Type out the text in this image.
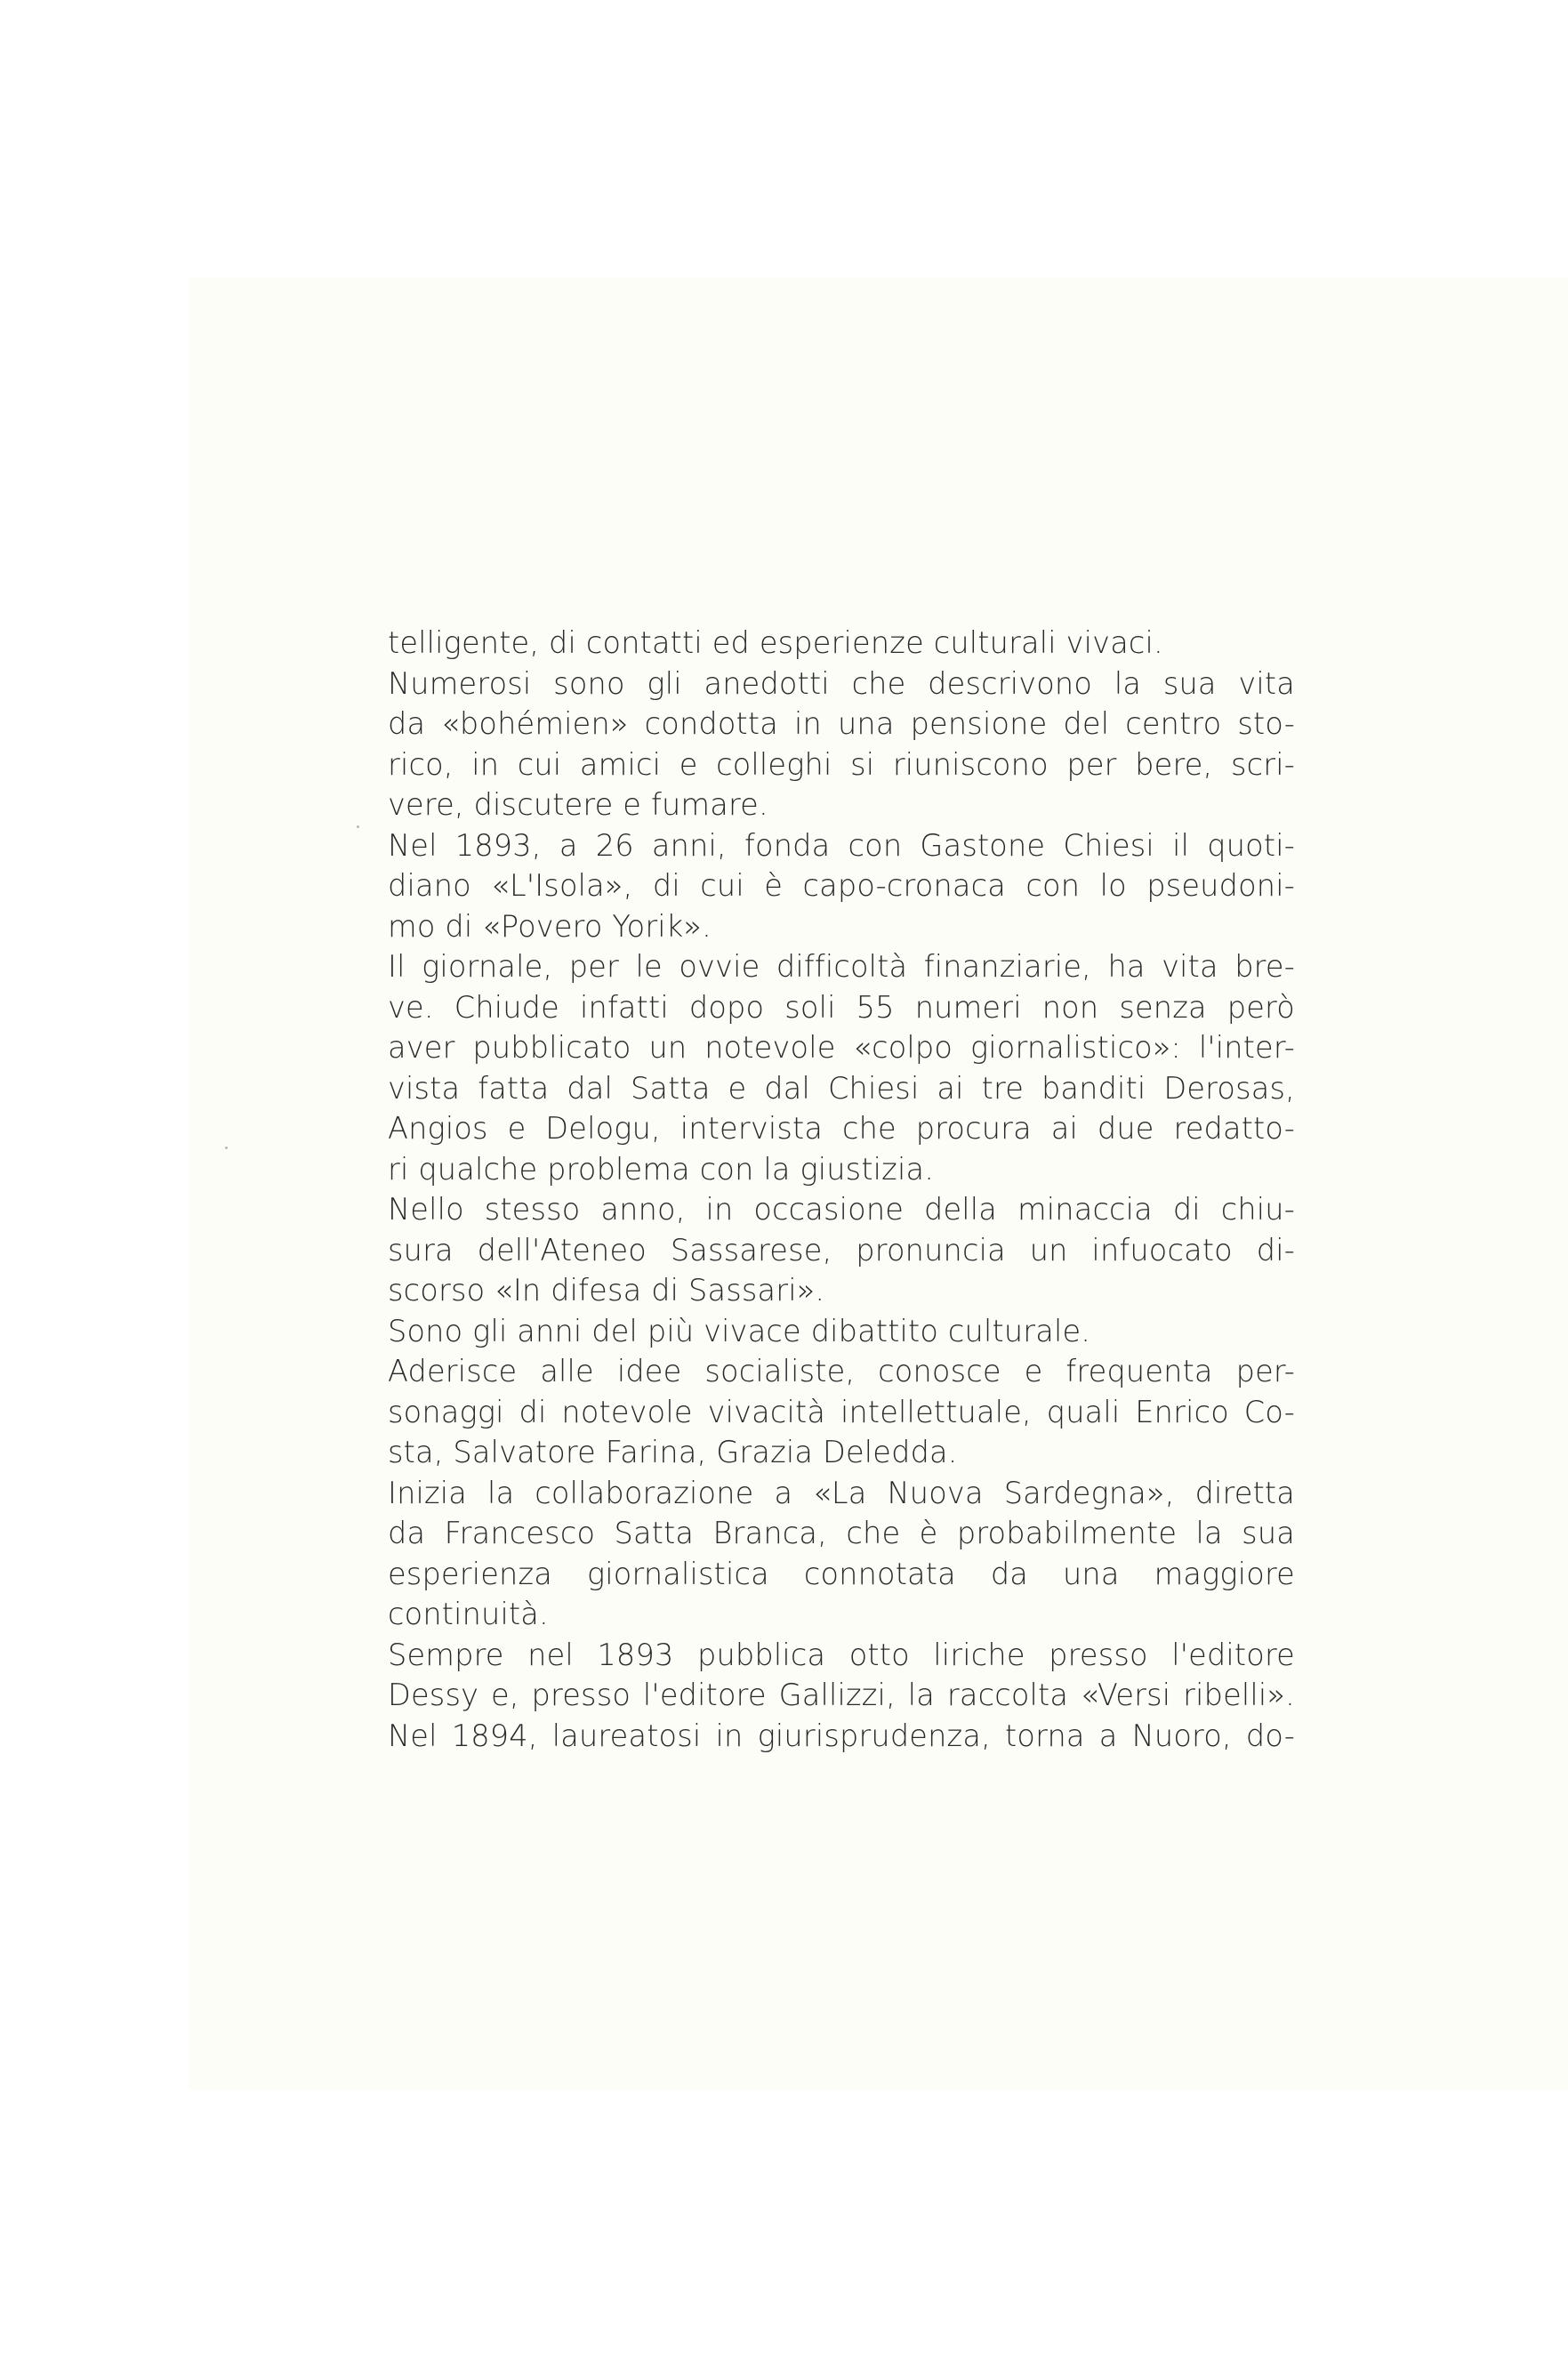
telligente, di contatti ed esperienze culturali vivaci.
Numerosi sono gli anedotti che descrivono la sua vita
da «bohémien» condotta in una pensione del centro sto-
rico, in cui amici e colleghi si riuniscono per bere, scri-
vere, discutere e fumare.
Nel 1893, a 26 anni, fonda con Gastone Chiesi il quoti-
diano «L'Isola», di cui è capo-cronaca con lo pseudoni-
mo di «Povero Yorik».
Il giornale, per le ovvie difficoltà finanziarie, ha vita bre-
ve. Chiude infatti dopo soli 55 numeri non senza però
aver pubblicato un notevole «colpo giornalistico»: l'inter-
vista fatta dal Satta e dal Chiesi ai tre banditi Derosas,
Angios e Delogu, intervista che procura ai due redatto-
ri qualche problema con la giustizia.
Nello stesso anno, in occasione della minaccia di chiu-
sura dell'Ateneo Sassarese, pronuncia un infuocato di-
scorso «In difesa di Sassari».
Sono gli anni del più vivace dibattito culturale.
Aderisce alle idee socialiste, conosce e frequenta per-
sonaggi di notevole vivacità intellettuale, quali Enrico Co-
sta, Salvatore Farina, Grazia Deledda.
Inizia la collaborazione a «La Nuova Sardegna», diretta
da Francesco Satta Branca, che è probabilmente la sua
esperienza giornalistica connotata da una maggiore
continuità.
Sempre nel 1893 pubblica otto liriche presso l'editore
Dessy e, presso l'editore Gallizzi, la raccolta «Versi ribelli».
Nel 1894, laureatosi in giurisprudenza, torna a Nuoro, do-
